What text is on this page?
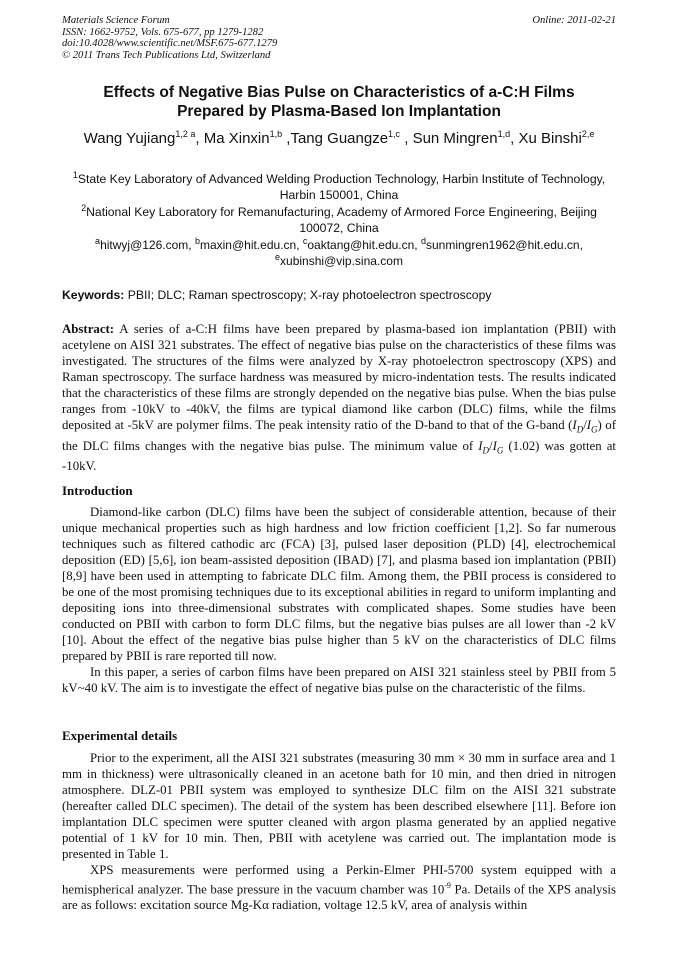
Materials Science Forum	Online: 2011-02-21
ISSN: 1662-9752, Vols. 675-677, pp 1279-1282
doi:10.4028/www.scientific.net/MSF.675-677.1279
© 2011 Trans Tech Publications Ltd, Switzerland
Effects of Negative Bias Pulse on Characteristics of a-C:H Films
Prepared by Plasma-Based Ion Implantation
Wang Yujiang$^{1,2 a}$, Ma Xinxin$^{1,b}$ ,Tang Guangze$^{1,c}$ , Sun Mingren$^{1,d}$, Xu Binshi$^{2,e}$
$^1$State Key Laboratory of Advanced Welding Production Technology, Harbin Institute of Technology, Harbin 150001, China
$^2$National Key Laboratory for Remanufacturing, Academy of Armored Force Engineering, Beijing 100072, China
$^a$hitwyj@126.com, $^b$maxin@hit.edu.cn, $^c$oaktang@hit.edu.cn, $^d$sunmingren1962@hit.edu.cn,
$^e$xubinshi@vip.sina.com
Keywords: PBII; DLC; Raman spectroscopy; X-ray photoelectron spectroscopy

Abstract: A series of a-C:H films have been prepared by plasma-based ion implantation (PBII) with acetylene on AISI 321 substrates. The effect of negative bias pulse on the characteristics of these films was investigated. The structures of the films were analyzed by X-ray photoelectron spectroscopy (XPS) and Raman spectroscopy. The surface hardness was measured by micro-indentation tests. The results indicated that the characteristics of these films are strongly depended on the negative bias pulse. When the bias pulse ranges from -10kV to -40kV, the films are typical diamond like carbon (DLC) films, while the films deposited at -5kV are polymer films. The peak intensity ratio of the D-band to that of the G-band $(I_D/I_G)$ of the DLC films changes with the negative bias pulse. The minimum value of $I_D/I_G$ (1.02) was gotten at -10kV.

Introduction

Diamond-like carbon (DLC) films have been the subject of considerable attention, because of their unique mechanical properties such as high hardness and low friction coefficient [1,2]. So far numerous techniques such as filtered cathodic arc (FCA) [3], pulsed laser deposition (PLD) [4], electrochemical deposition (ED) [5,6], ion beam-assisted deposition (IBAD) [7], and plasma based ion implantation (PBII) [8,9] have been used in attempting to fabricate DLC film. Among them, the PBII process is considered to be one of the most promising techniques due to its exceptional abilities in regard to uniform implanting and depositing ions into three-dimensional substrates with complicated shapes. Some studies have been conducted on PBII with carbon to form DLC films, but the negative bias pulses are all lower than -2 kV [10]. About the effect of the negative bias pulse higher than 5 kV on the characteristics of DLC films prepared by PBII is rare reported till now.

In this paper, a series of carbon films have been prepared on AISI 321 stainless steel by PBII from 5 kV~40 kV. The aim is to investigate the effect of negative bias pulse on the characteristic of the films.

Experimental details

Prior to the experiment, all the AISI 321 substrates (measuring 30 mm × 30 mm in surface area and 1 mm in thickness) were ultrasonically cleaned in an acetone bath for 10 min, and then dried in nitrogen atmosphere. DLZ-01 PBII system was employed to synthesize DLC film on the AISI 321 substrate (hereafter called DLC specimen). The detail of the system has been described elsewhere [11]. Before ion implantation DLC specimen were sputter cleaned with argon plasma generated by an applied negative potential of 1 kV for 10 min. Then, PBII with acetylene was carried out. The implantation mode is presented in Table 1.

XPS measurements were performed using a Perkin-Elmer PHI-5700 system equipped with a hemispherical analyzer. The base pressure in the vacuum chamber was $10^{-9}$ Pa. Details of the XPS analysis are as follows: excitation source Mg-Kα radiation, voltage 12.5 kV, area of analysis within
